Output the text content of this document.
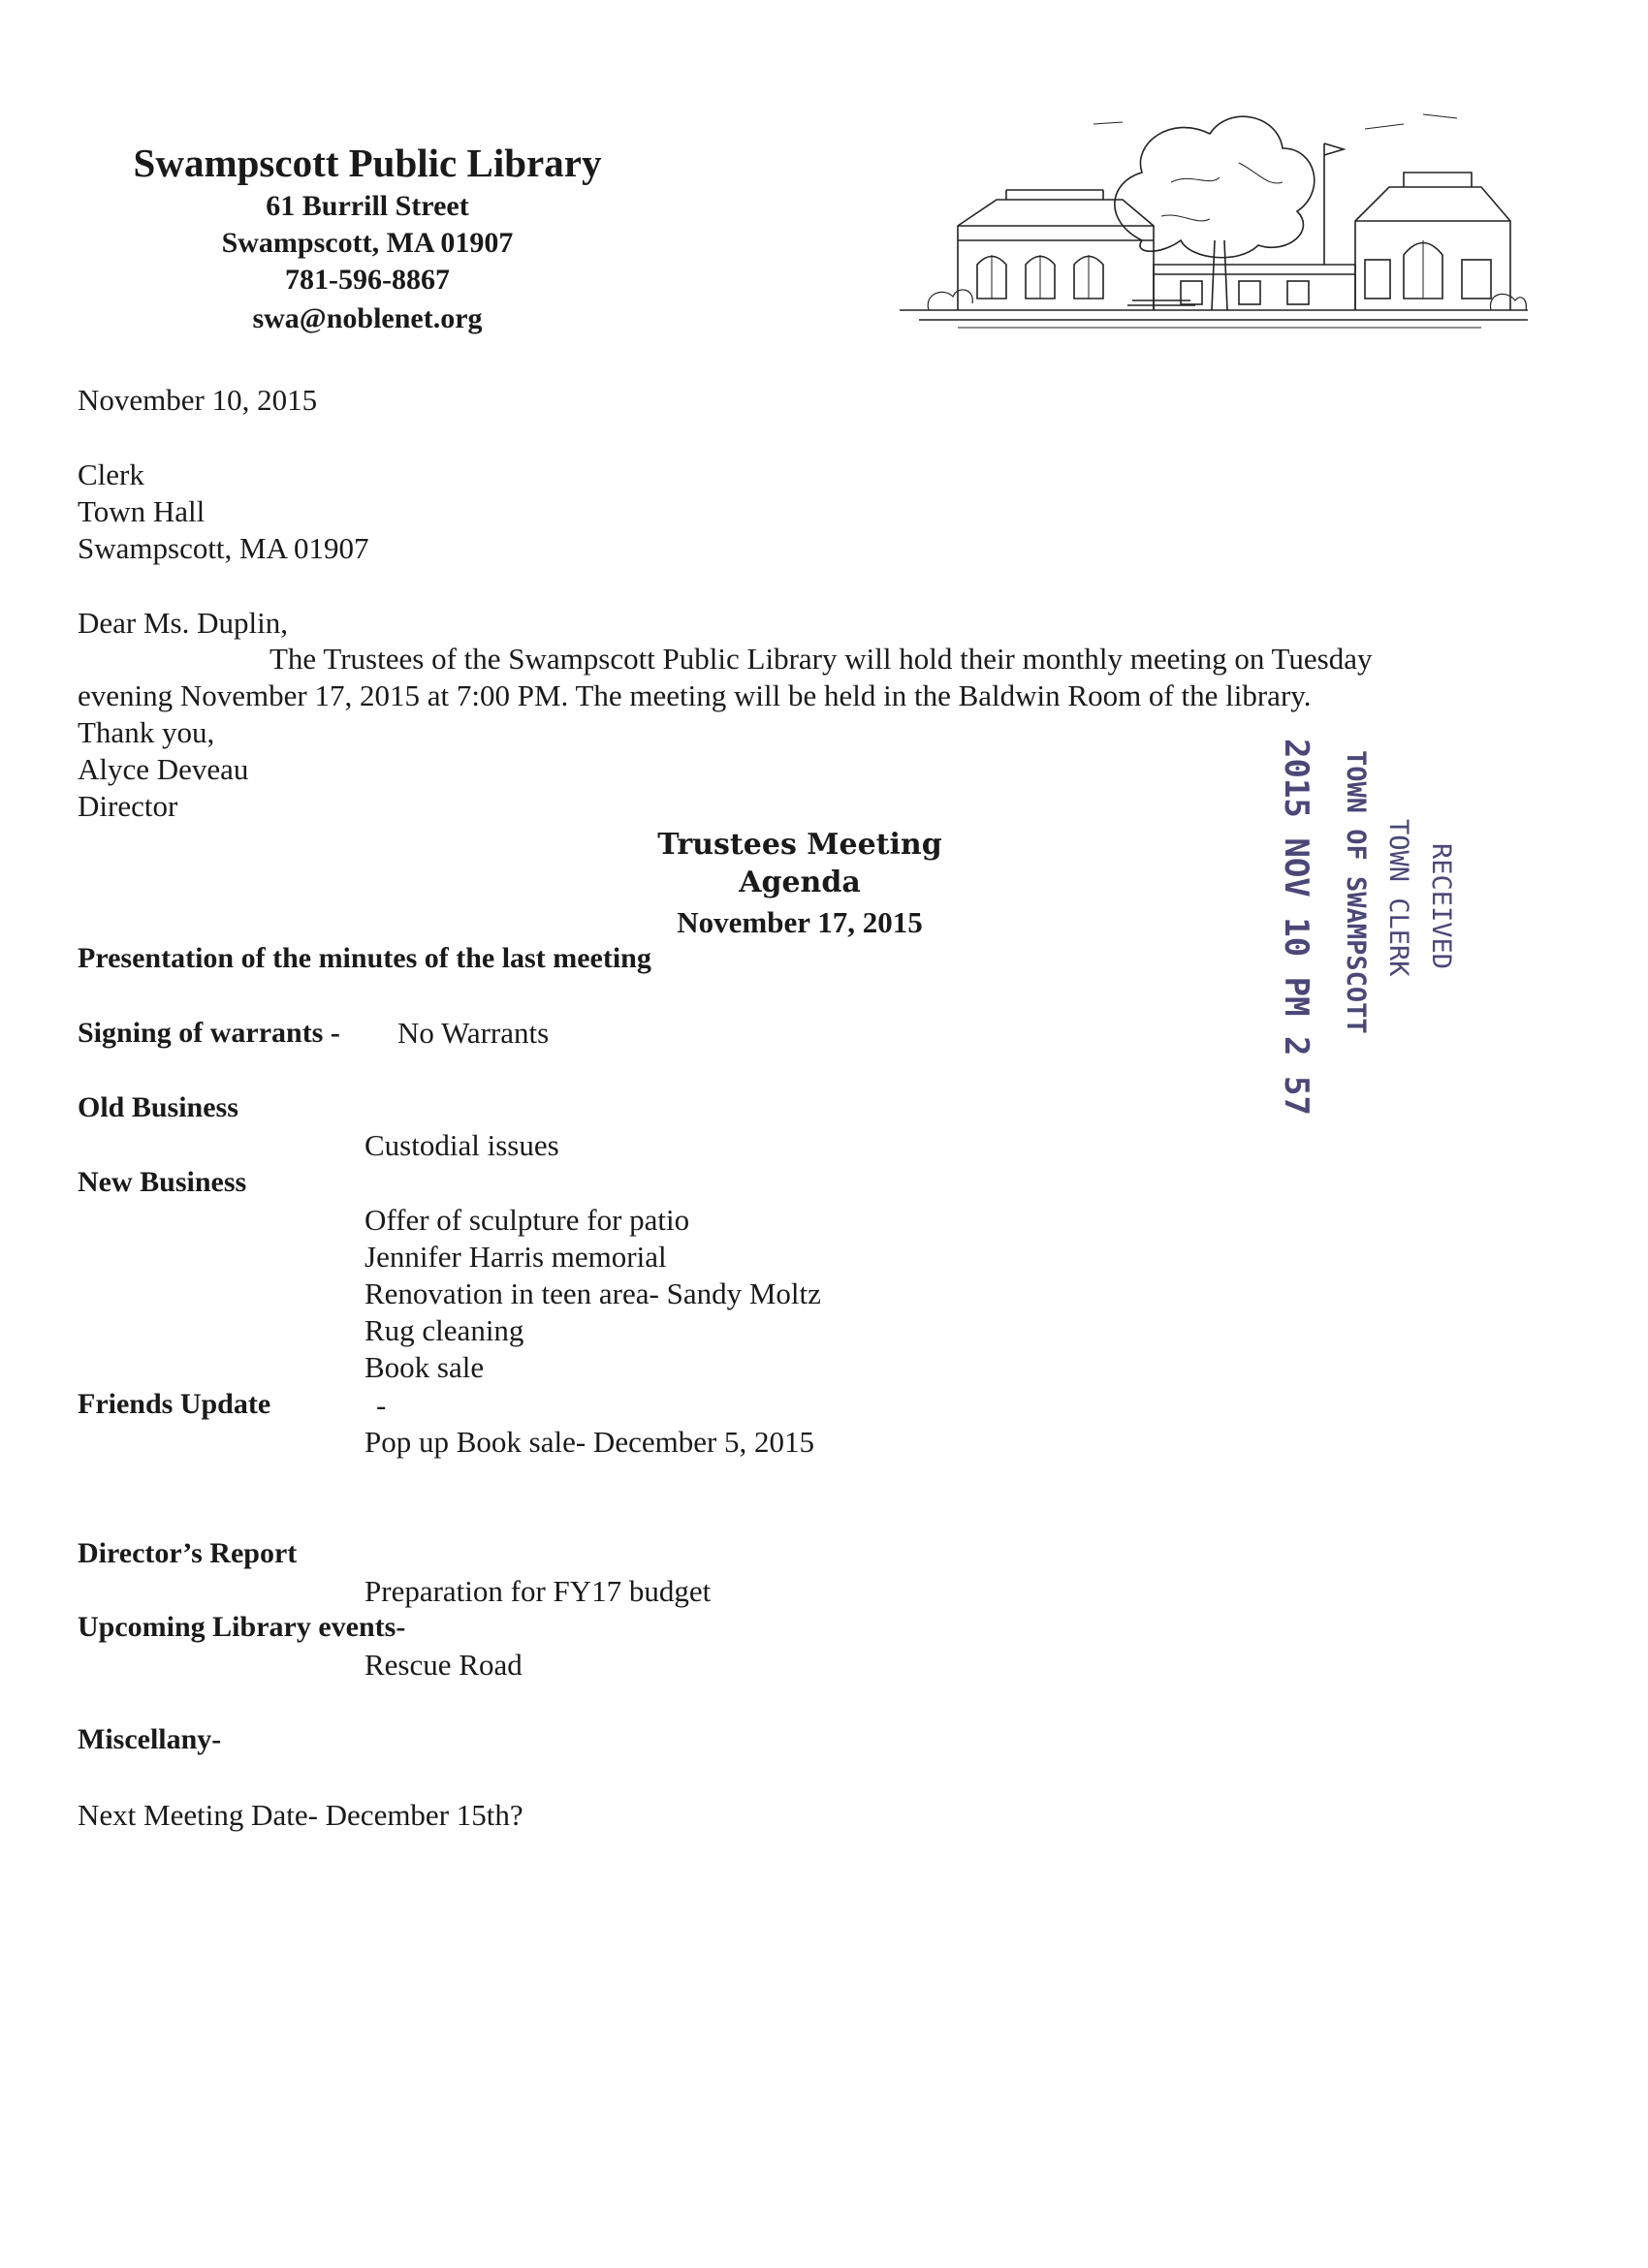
Swampscott Public Library
61 Burrill Street
Swampscott, MA 01907
781-596-8867
swa@noblenet.org
November 10, 2015
Clerk
Town Hall
Swampscott, MA 01907
Dear Ms. Duplin,
The Trustees of the Swampscott Public Library will hold their monthly meeting on Tuesday
evening November 17, 2015 at 7:00 PM. The meeting will be held in the Baldwin Room of the library.
Thank you,
Alyce Deveau
Director
Trustees Meeting
Agenda
November 17, 2015
Presentation of the minutes of the last meeting
Signing of warrants - No Warrants
Old Business
Custodial issues
New Business
Offer of sculpture for patio
Jennifer Harris memorial
Renovation in teen area- Sandy Moltz
Rug cleaning
Book sale
Friends Update	-
Pop up Book sale- December 5, 2015
Director’s Report
Preparation for FY17 budget
Upcoming Library events-
Rescue Road
Miscellany-
Next Meeting Date- December 15th?
RECEIVED
TOWN CLERK
TOWN OF SWAMPSCOTT
2015 NOV 10 PM 2 57
